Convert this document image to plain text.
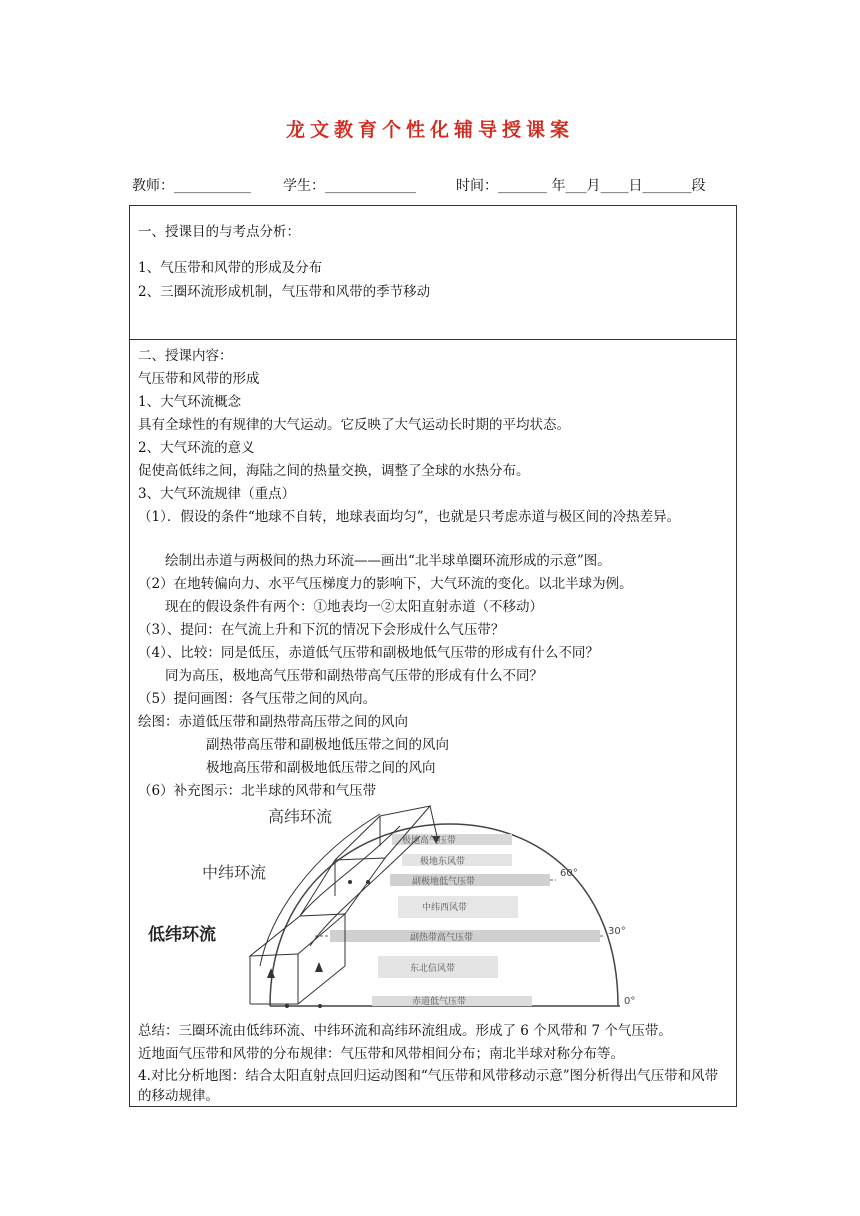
龙文教育个性化辅导授课案
教师：___________ 学生：_____________	时间：_______ 年___月____日_______段
一、授课目的与考点分析：
1、气压带和风带的形成及分布
2、三圈环流形成机制，气压带和风带的季节移动
二、授课内容：
气压带和风带的形成
1、大气环流概念
具有全球性的有规律的大气运动。它反映了大气运动长时期的平均状态。
2、大气环流的意义
促使高低纬之间，海陆之间的热量交换，调整了全球的水热分布。
3、大气环流规律（重点）
（1）．假设的条件“地球不自转，地球表面均匀”，也就是只考虑赤道与极区间的冷热差异。
　　绘制出赤道与两极间的热力环流——画出“北半球单圈环流形成的示意”图。
（2）在地转偏向力、水平气压梯度力的影响下，大气环流的变化。以北半球为例。
　　现在的假设条件有两个：①地表均一②太阳直射赤道（不移动）
（3）、提问：在气流上升和下沉的情况下会形成什么气压带？
（4）、比较：同是低压，赤道低气压带和副极地低气压带的形成有什么不同？
　　同为高压，极地高气压带和副热带高气压带的形成有什么不同？
（5）提问画图：各气压带之间的风向。
绘图：赤道低压带和副热带高压带之间的风向
副热带高压带和副极地低压带之间的风向
极地高压带和副极地低压带之间的风向
（6）补充图示：北半球的风带和气压带
高纬环流
中纬环流
低纬环流
极地高气压带
极地东风带
副极地低气压带
中纬西风带
副热带高气压带
东北信风带
赤道低气压带
60°
30°
0°
总结：三圈环流由低纬环流、中纬环流和高纬环流组成。形成了 6 个风带和 7 个气压带。
近地面气压带和风带的分布规律：气压带和风带相间分布；南北半球对称分布等。
4.对比分析地图：结合太阳直射点回归运动图和“气压带和风带移动示意”图分析得出气压带和风带的移动规律。
